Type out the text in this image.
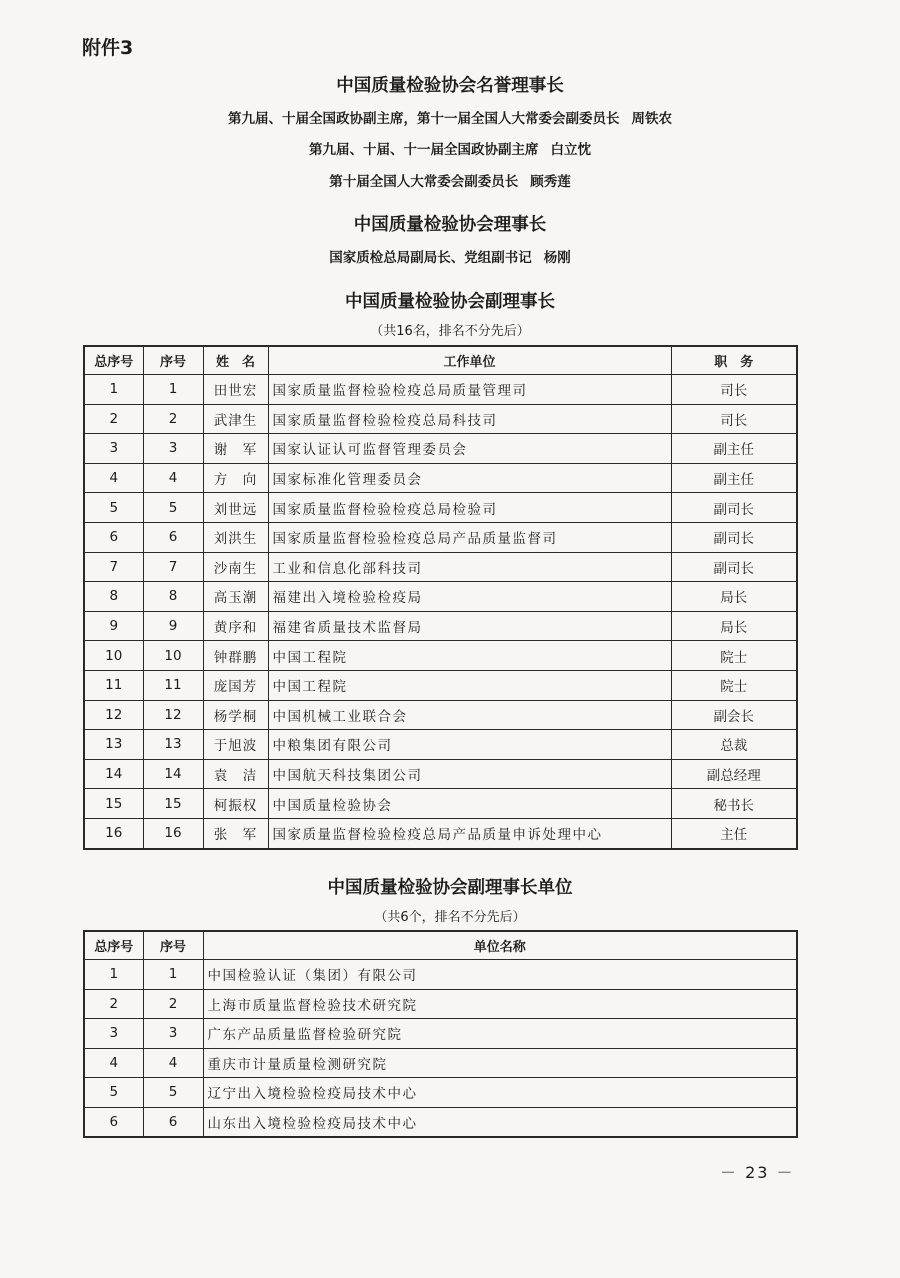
附件3
中国质量检验协会名誉理事长
第九届、十届全国政协副主席，第十一届全国人大常委会副委员长 周铁农
第九届、十届、十一届全国政协副主席 白立忱
第十届全国人大常委会副委员长 顾秀莲
中国质量检验协会理事长
国家质检总局副局长、党组副书记 杨刚
中国质量检验协会副理事长
（共16名，排名不分先后）
总序号	序号	姓　名	工作单位	职　务
1	1	田世宏	国家质量监督检验检疫总局质量管理司	司长
2	2	武津生	国家质量监督检验检疫总局科技司	司长
3	3	谢　军	国家认证认可监督管理委员会	副主任
4	4	方　向	国家标准化管理委员会	副主任
5	5	刘世远	国家质量监督检验检疫总局检验司	副司长
6	6	刘洪生	国家质量监督检验检疫总局产品质量监督司	副司长
7	7	沙南生	工业和信息化部科技司	副司长
8	8	高玉潮	福建出入境检验检疫局	局长
9	9	黄序和	福建省质量技术监督局	局长
10	10	钟群鹏	中国工程院	院士
11	11	庞国芳	中国工程院	院士
12	12	杨学桐	中国机械工业联合会	副会长
13	13	于旭波	中粮集团有限公司	总裁
14	14	袁　洁	中国航天科技集团公司	副总经理
15	15	柯振权	中国质量检验协会	秘书长
16	16	张　军	国家质量监督检验检疫总局产品质量申诉处理中心	主任
中国质量检验协会副理事长单位
（共6个，排名不分先后）
总序号	序号	单位名称
1	1	中国检验认证（集团）有限公司
2	2	上海市质量监督检验技术研究院
3	3	广东产品质量监督检验研究院
4	4	重庆市计量质量检测研究院
5	5	辽宁出入境检验检疫局技术中心
6	6	山东出入境检验检疫局技术中心
－ 23 －
